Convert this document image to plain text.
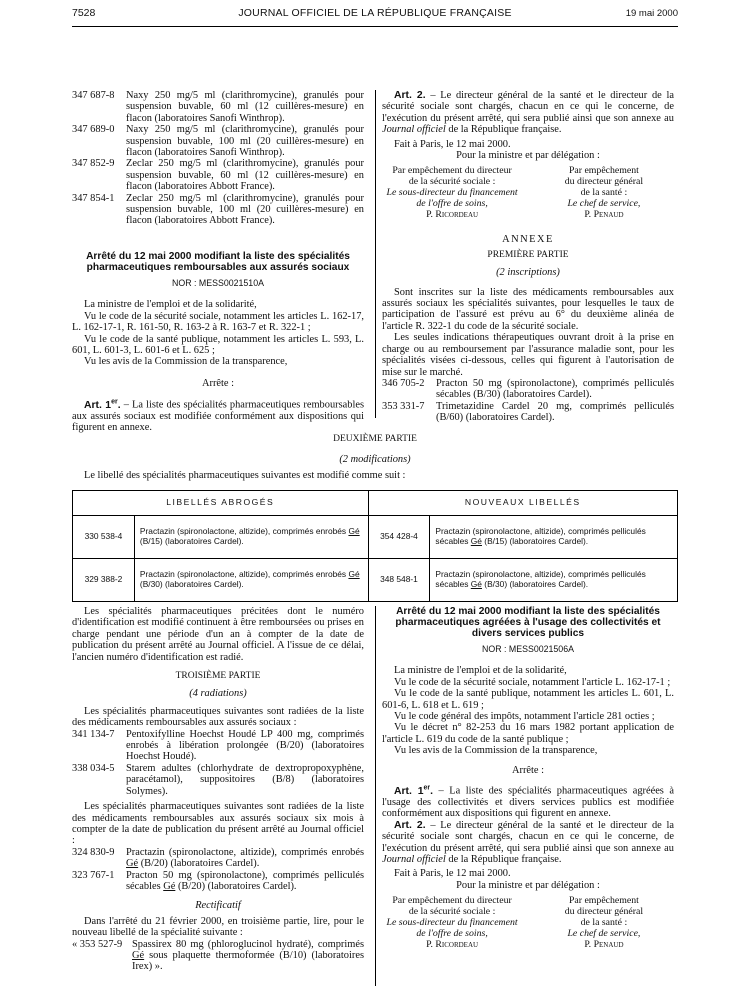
7528	JOURNAL OFFICIEL DE LA RÉPUBLIQUE FRANÇAISE	19 mai 2000
347 687-8	Naxy 250 mg/5 ml (clarithromycine), granulés pour suspension buvable, 60 ml (12 cuillères-mesure) en flacon (laboratoires Sanofi Winthrop).
347 689-0	Naxy 250 mg/5 ml (clarithromycine), granulés pour suspension buvable, 100 ml (20 cuillères-mesure) en flacon (laboratoires Sanofi Winthrop).
347 852-9	Zeclar 250 mg/5 ml (clarithromycine), granulés pour suspension buvable, 60 ml (12 cuillères-mesure) en flacon (laboratoires Abbott France).
347 854-1	Zeclar 250 mg/5 ml (clarithromycine), granulés pour suspension buvable, 100 ml (20 cuillères-mesure) en flacon (laboratoires Abbott France).
Arrêté du 12 mai 2000 modifiant la liste des spécialités pharmaceutiques remboursables aux assurés sociaux
NOR : MESS0021510A

La ministre de l'emploi et de la solidarité,

Vu le code de la sécurité sociale, notamment les articles L. 162-17, L. 162-17-1, R. 161-50, R. 163-2 à R. 163-7 et R. 322-1 ;

Vu le code de la santé publique, notamment les articles L. 593, L. 601, L. 601-3, L. 601-6 et L. 625 ;

Vu les avis de la Commission de la transparence,

Arrête :

Art. 1er. – La liste des spécialités pharmaceutiques remboursables aux assurés sociaux est modifiée conformément aux dispositions qui figurent en annexe.

Art. 2. – Le directeur général de la santé et le directeur de la sécurité sociale sont chargés, chacun en ce qui le concerne, de l'exécution du présent arrêté, qui sera publié ainsi que son annexe au Journal officiel de la République française.

Fait à Paris, le 12 mai 2000.

Pour la ministre et par délégation :
Par empêchement du directeur
de la sécurité sociale :
Le sous-directeur du financement
de l'offre de soins,
P. Ricordeau
Par empêchement
du directeur général
de la santé :
Le chef de service,
P. Penaud
ANNEXE
PREMIÈRE PARTIE
(2 inscriptions)

Sont inscrites sur la liste des médicaments remboursables aux assurés sociaux les spécialités suivantes, pour lesquelles le taux de participation de l'assuré est prévu au 6° du deuxième alinéa de l'article R. 322-1 du code de la sécurité sociale.

Les seules indications thérapeutiques ouvrant droit à la prise en charge ou au remboursement par l'assurance maladie sont, pour les spécialités visées ci-dessous, celles qui figurent à l'autorisation de mise sur le marché.

346 705-2	Practon 50 mg (spironolactone), comprimés pelliculés sécables (B/30) (laboratoires Cardel).
353 331-7	Trimetazidine Cardel 20 mg, comprimés pelliculés (B/60) (laboratoires Cardel).
DEUXIÈME PARTIE
(2 modifications)

Le libellé des spécialités pharmaceutiques suivantes est modifié comme suit :

LIBELLÉS ABROGÉS		NOUVEAUX LIBELLÉS	
330 538-4	Practazin (spironolactone, altizide), comprimés enrobés Gé (B/15) (laboratoires Cardel).	354 428-4	Practazin (spironolactone, altizide), comprimés pelliculés sécables Gé (B/15) (laboratoires Cardel).
329 388-2	Practazin (spironolactone, altizide), comprimés enrobés Gé (B/30) (laboratoires Cardel).	348 548-1	Practazin (spironolactone, altizide), comprimés pelliculés sécables Gé (B/30) (laboratoires Cardel).

Les spécialités pharmaceutiques précitées dont le numéro d'identification est modifié continuent à être remboursées ou prises en charge pendant une période d'un an à compter de la date de publication du présent arrêté au Journal officiel. A l'issue de ce délai, l'ancien numéro d'identification est radié.

TROISIÈME PARTIE
(4 radiations)

Les spécialités pharmaceutiques suivantes sont radiées de la liste des médicaments remboursables aux assurés sociaux :

341 134-7	Pentoxifylline Hoechst Houdé LP 400 mg, comprimés enrobés à libération prolongée (B/20) (laboratoires Hoechst Houdé).
338 034-5	Starem adultes (chlorhydrate de dextropropoxyphène, paracétamol), suppositoires (B/8) (laboratoires Solymes).

Les spécialités pharmaceutiques suivantes sont radiées de la liste des médicaments remboursables aux assurés sociaux six mois à compter de la date de publication du présent arrêté au Journal officiel :

324 830-9	Practazin (spironolactone, altizide), comprimés enrobés Gé (B/20) (laboratoires Cardel).
323 767-1	Practon 50 mg (spironolactone), comprimés pelliculés sécables Gé (B/20) (laboratoires Cardel).
Rectificatif

Dans l'arrêté du 21 février 2000, en troisième partie, lire, pour le nouveau libellé de la spécialité suivante :

« 353 527-9 Spassirex 80 mg (phloroglucinol hydraté), comprimés Gé sous plaquette thermoformée (B/10) (laboratoires Irex) ».
Arrêté du 12 mai 2000 modifiant la liste des spécialités pharmaceutiques agréées à l'usage des collectivités et divers services publics
NOR : MESS0021506A

La ministre de l'emploi et de la solidarité,

Vu le code de la sécurité sociale, notamment l'article L. 162-17-1 ;

Vu le code de la santé publique, notamment les articles L. 601, L. 601-6, L. 618 et L. 619 ;

Vu le code général des impôts, notamment l'article 281 octies ;

Vu le décret n° 82-253 du 16 mars 1982 portant application de l'article L. 619 du code de la santé publique ;

Vu les avis de la Commission de la transparence,

Arrête :

Art. 1er. – La liste des spécialités pharmaceutiques agréées à l'usage des collectivités et divers services publics est modifiée conformément aux dispositions qui figurent en annexe.

Art. 2. – Le directeur général de la santé et le directeur de la sécurité sociale sont chargés, chacun en ce qui le concerne, de l'exécution du présent arrêté, qui sera publié ainsi que son annexe au Journal officiel de la République française.

Fait à Paris, le 12 mai 2000.

Pour la ministre et par délégation :
Par empêchement du directeur
de la sécurité sociale :
Le sous-directeur du financement
de l'offre de soins,
P. Ricordeau
Par empêchement
du directeur général
de la santé :
Le chef de service,
P. Penaud
